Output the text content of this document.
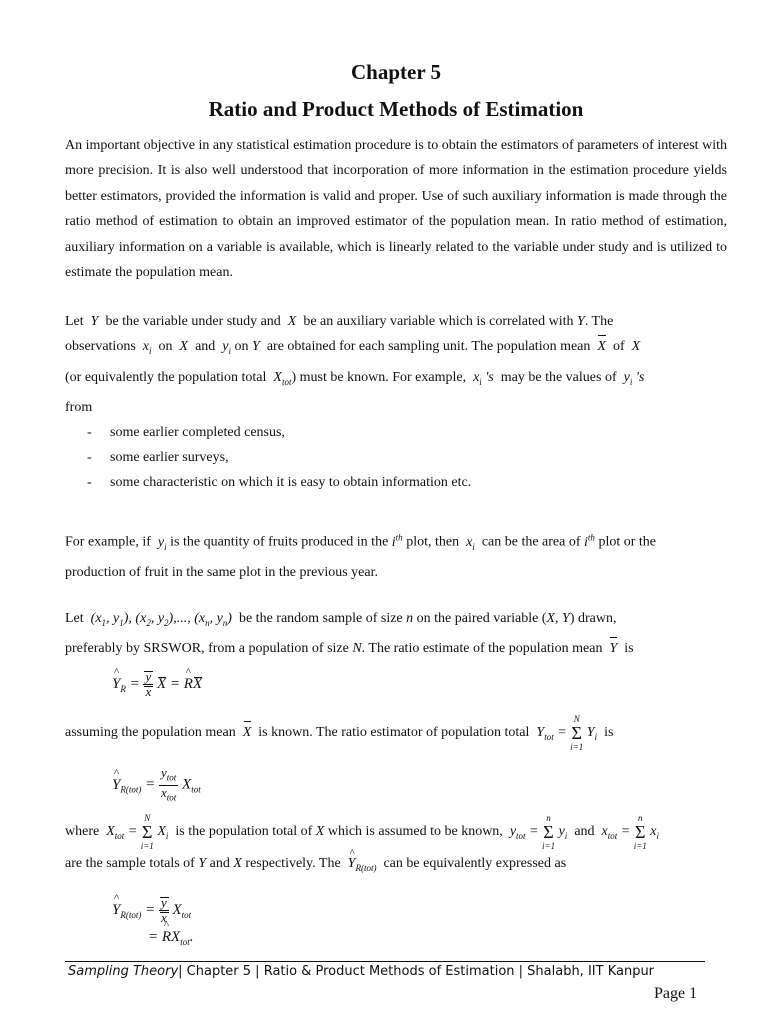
Chapter 5
Ratio and Product Methods of Estimation

An important objective in any statistical estimation procedure is to obtain the estimators of parameters of interest with more precision. It is also well understood that incorporation of more information in the estimation procedure yields better estimators, provided the information is valid and proper. Use of such auxiliary information is made through the ratio method of estimation to obtain an improved estimator of the population mean. In ratio method of estimation, auxiliary information on a variable is available, which is linearly related to the variable under study and is utilized to estimate the population mean.

Let Y be the variable under study and X be an auxiliary variable which is correlated with Y. The
observations $x_i$ on X and $y_i$ on Y are obtained for each sampling unit. The population mean X of X
(or equivalently the population total $X_{tot}$) must be known. For example, $x_i$ 's may be the values of $y_i$ 's
from

- some earlier completed census,
- some earlier surveys,
- some characteristic on which it is easy to obtain information etc.

For example, if $y_i$ is the quantity of fruits produced in the $i^{th}$ plot, then $x_i$ can be the area of $i^{th}$ plot or the
production of fruit in the same plot in the previous year.

Let ($x_1$, $y_1$), ($x_2$, $y_2$),..., ($x_n$, $y_n$) be the random sample of size n on the paired variable (X, Y) drawn,
preferably by SRSWOR, from a population of size N. The ratio estimate of the population mean Y is

^ $Y_R = \frac{y}{x}$ X = ^ RX

assuming the population mean X is known. The ratio estimator of population total $Y_{tot} = N$
Σ
i=1 $Y_i$ is

^ $Y_{R(tot)} = \frac{y_{tot}}{x_{tot}} X_{tot}$

where $X_{tot} = N$
Σ
i=1 $X_i$ is the population total of X which is assumed to be known, $y_{tot} = n$
Σ
i=1 $y_i$ and $x_{tot} = n$
Σ
i=1 $x_i$
are the sample totals of Y and X respectively. The  ^ $Y_{R(tot)}$ can be equivalently expressed as

^ $Y_{R(tot)} = \frac{y}{x} X_{tot}$
= ^ $RX_{tot}$.
Sampling Theory| Chapter 5 | Ratio & Product Methods of Estimation | Shalabh, IIT Kanpur
Page 1
